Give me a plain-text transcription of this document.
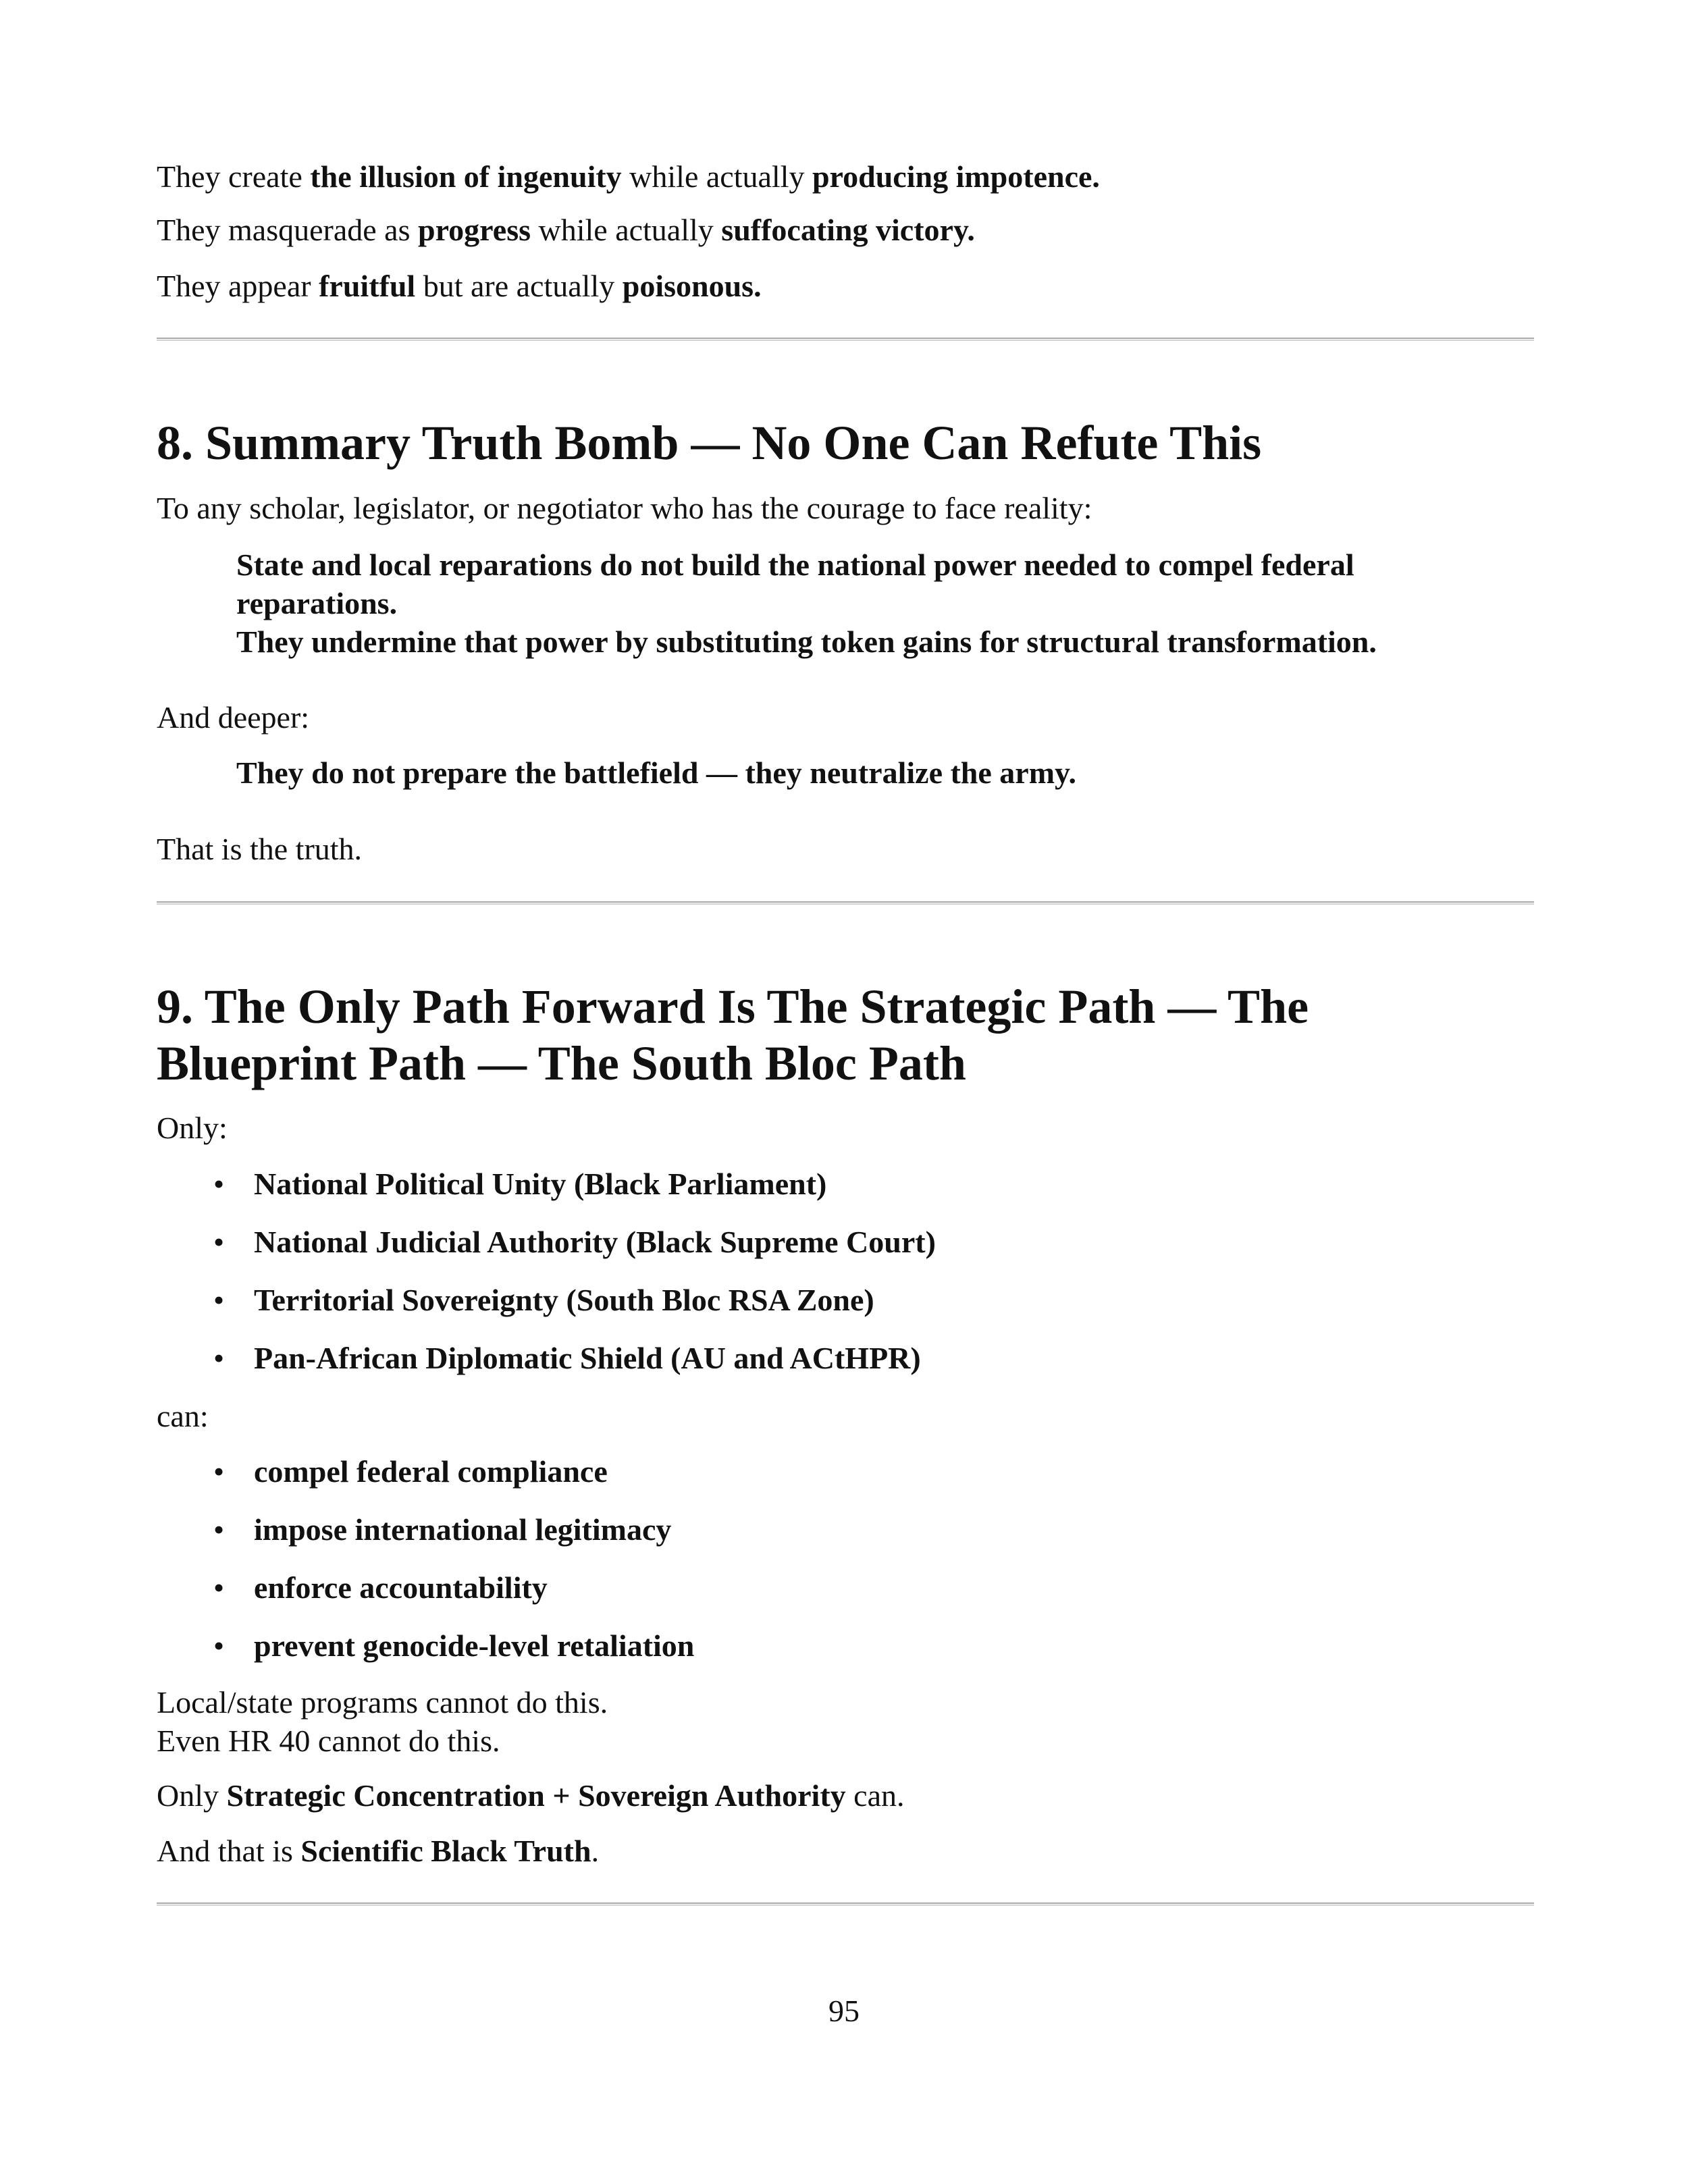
They create the illusion of ingenuity while actually producing impotence.
They masquerade as progress while actually suffocating victory.
They appear fruitful but are actually poisonous.
8. Summary Truth Bomb — No One Can Refute This
To any scholar, legislator, or negotiator who has the courage to face reality:
State and local reparations do not build the national power needed to compel federal
reparations.
They undermine that power by substituting token gains for structural transformation.
And deeper:
They do not prepare the battlefield — they neutralize the army.
That is the truth.
9. The Only Path Forward Is The Strategic Path — The
Blueprint Path — The South Bloc Path
Only:
• National Political Unity (Black Parliament)
• National Judicial Authority (Black Supreme Court)
• Territorial Sovereignty (South Bloc RSA Zone)
• Pan-African Diplomatic Shield (AU and ACtHPR)
can:
• compel federal compliance
• impose international legitimacy
• enforce accountability
• prevent genocide-level retaliation
Local/state programs cannot do this.
Even HR 40 cannot do this.
Only Strategic Concentration + Sovereign Authority can.
And that is Scientific Black Truth.
95
